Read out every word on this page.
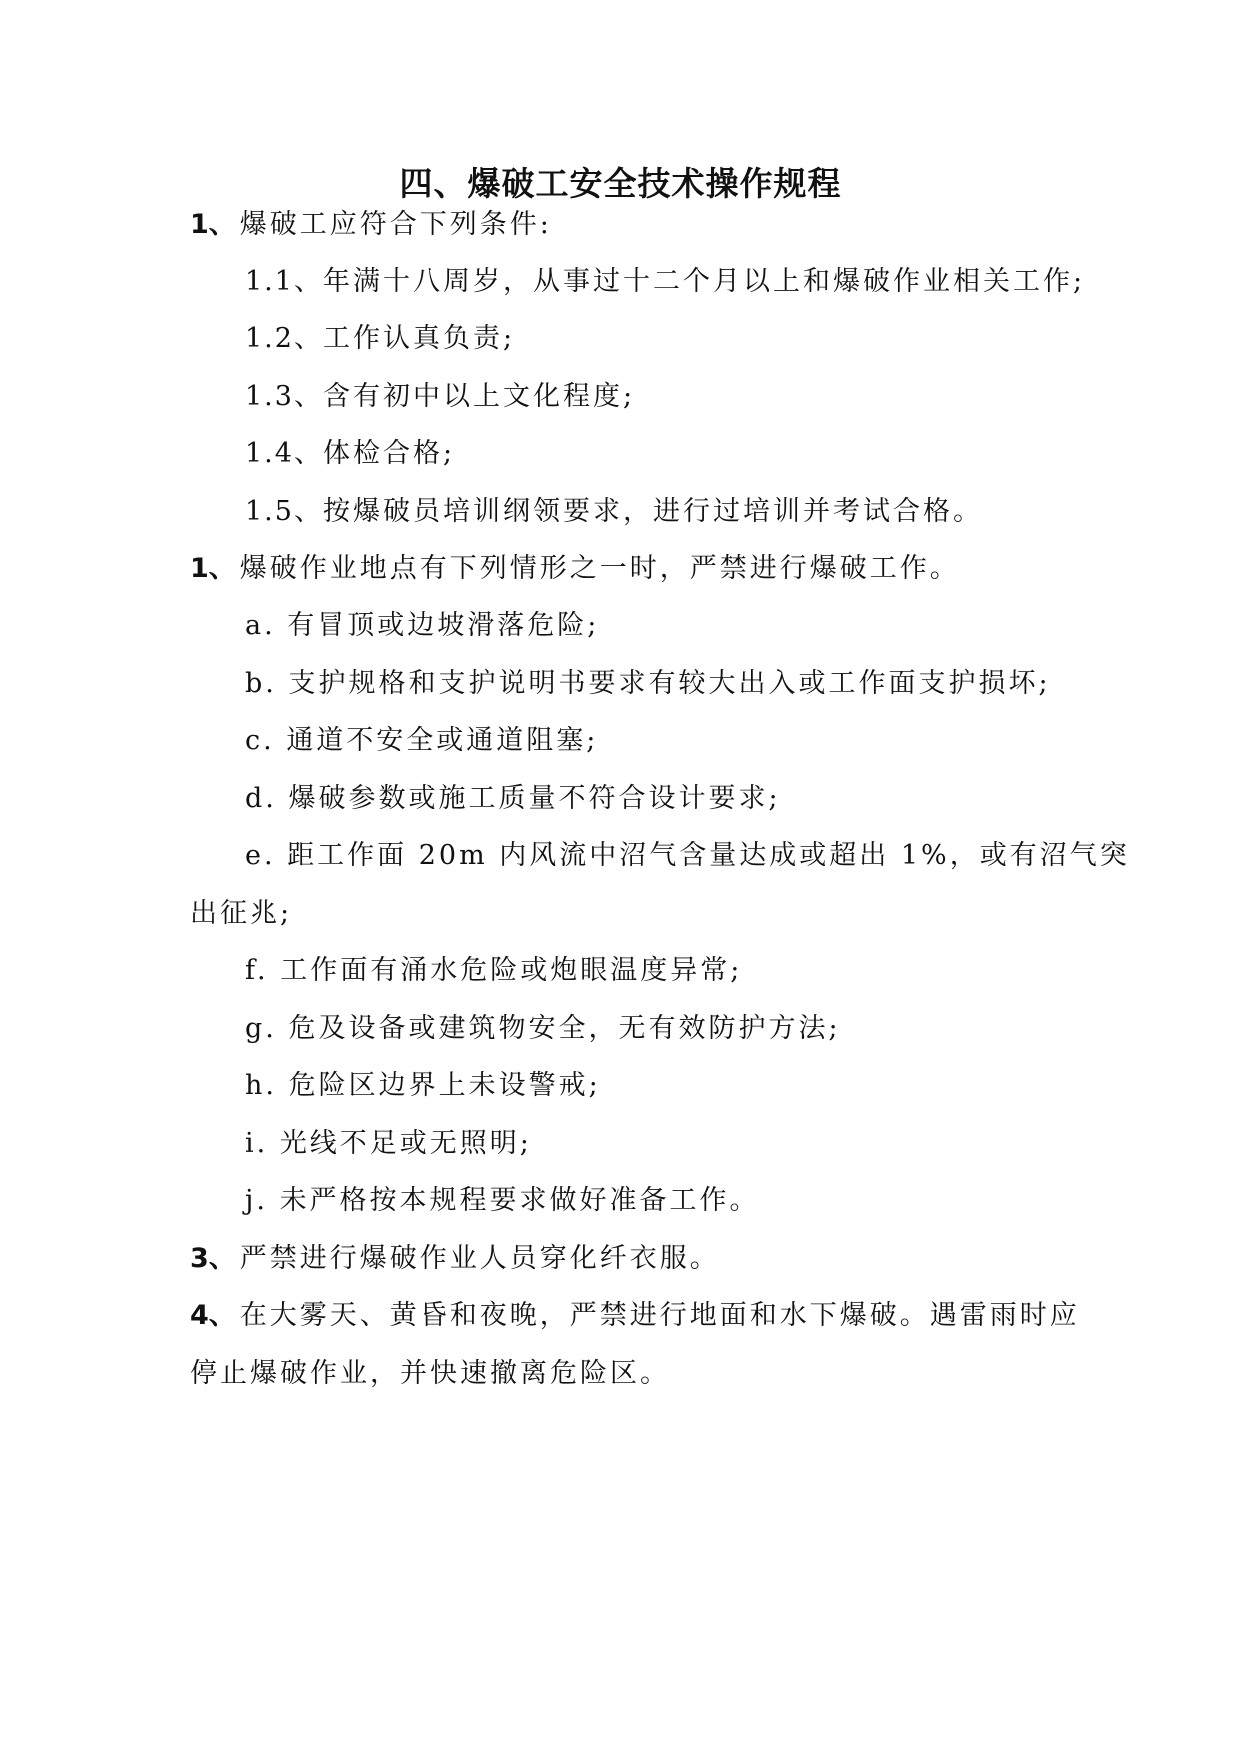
四、爆破工安全技术操作规程
1、 爆破工应符合下列条件:
1.1、年满十八周岁，从事过十二个月以上和爆破作业相关工作;
1.2、工作认真负责;
1.3、含有初中以上文化程度;
1.4、体检合格;
1.5、按爆破员培训纲领要求，进行过培训并考试合格。
1、 爆破作业地点有下列情形之一时，严禁进行爆破工作。
a. 有冒顶或边坡滑落危险;
b. 支护规格和支护说明书要求有较大出入或工作面支护损坏;
c. 通道不安全或通道阻塞;
d. 爆破参数或施工质量不符合设计要求;
e. 距工作面 20m 内风流中沼气含量达成或超出 1%，或有沼气突
出征兆;
f. 工作面有涌水危险或炮眼温度异常;
g. 危及设备或建筑物安全，无有效防护方法;
h. 危险区边界上未设警戒;
i. 光线不足或无照明;
j. 未严格按本规程要求做好准备工作。
3、 严禁进行爆破作业人员穿化纤衣服。
4、 在大雾天、黄昏和夜晚，严禁进行地面和水下爆破。遇雷雨时应
停止爆破作业，并快速撤离危险区。
